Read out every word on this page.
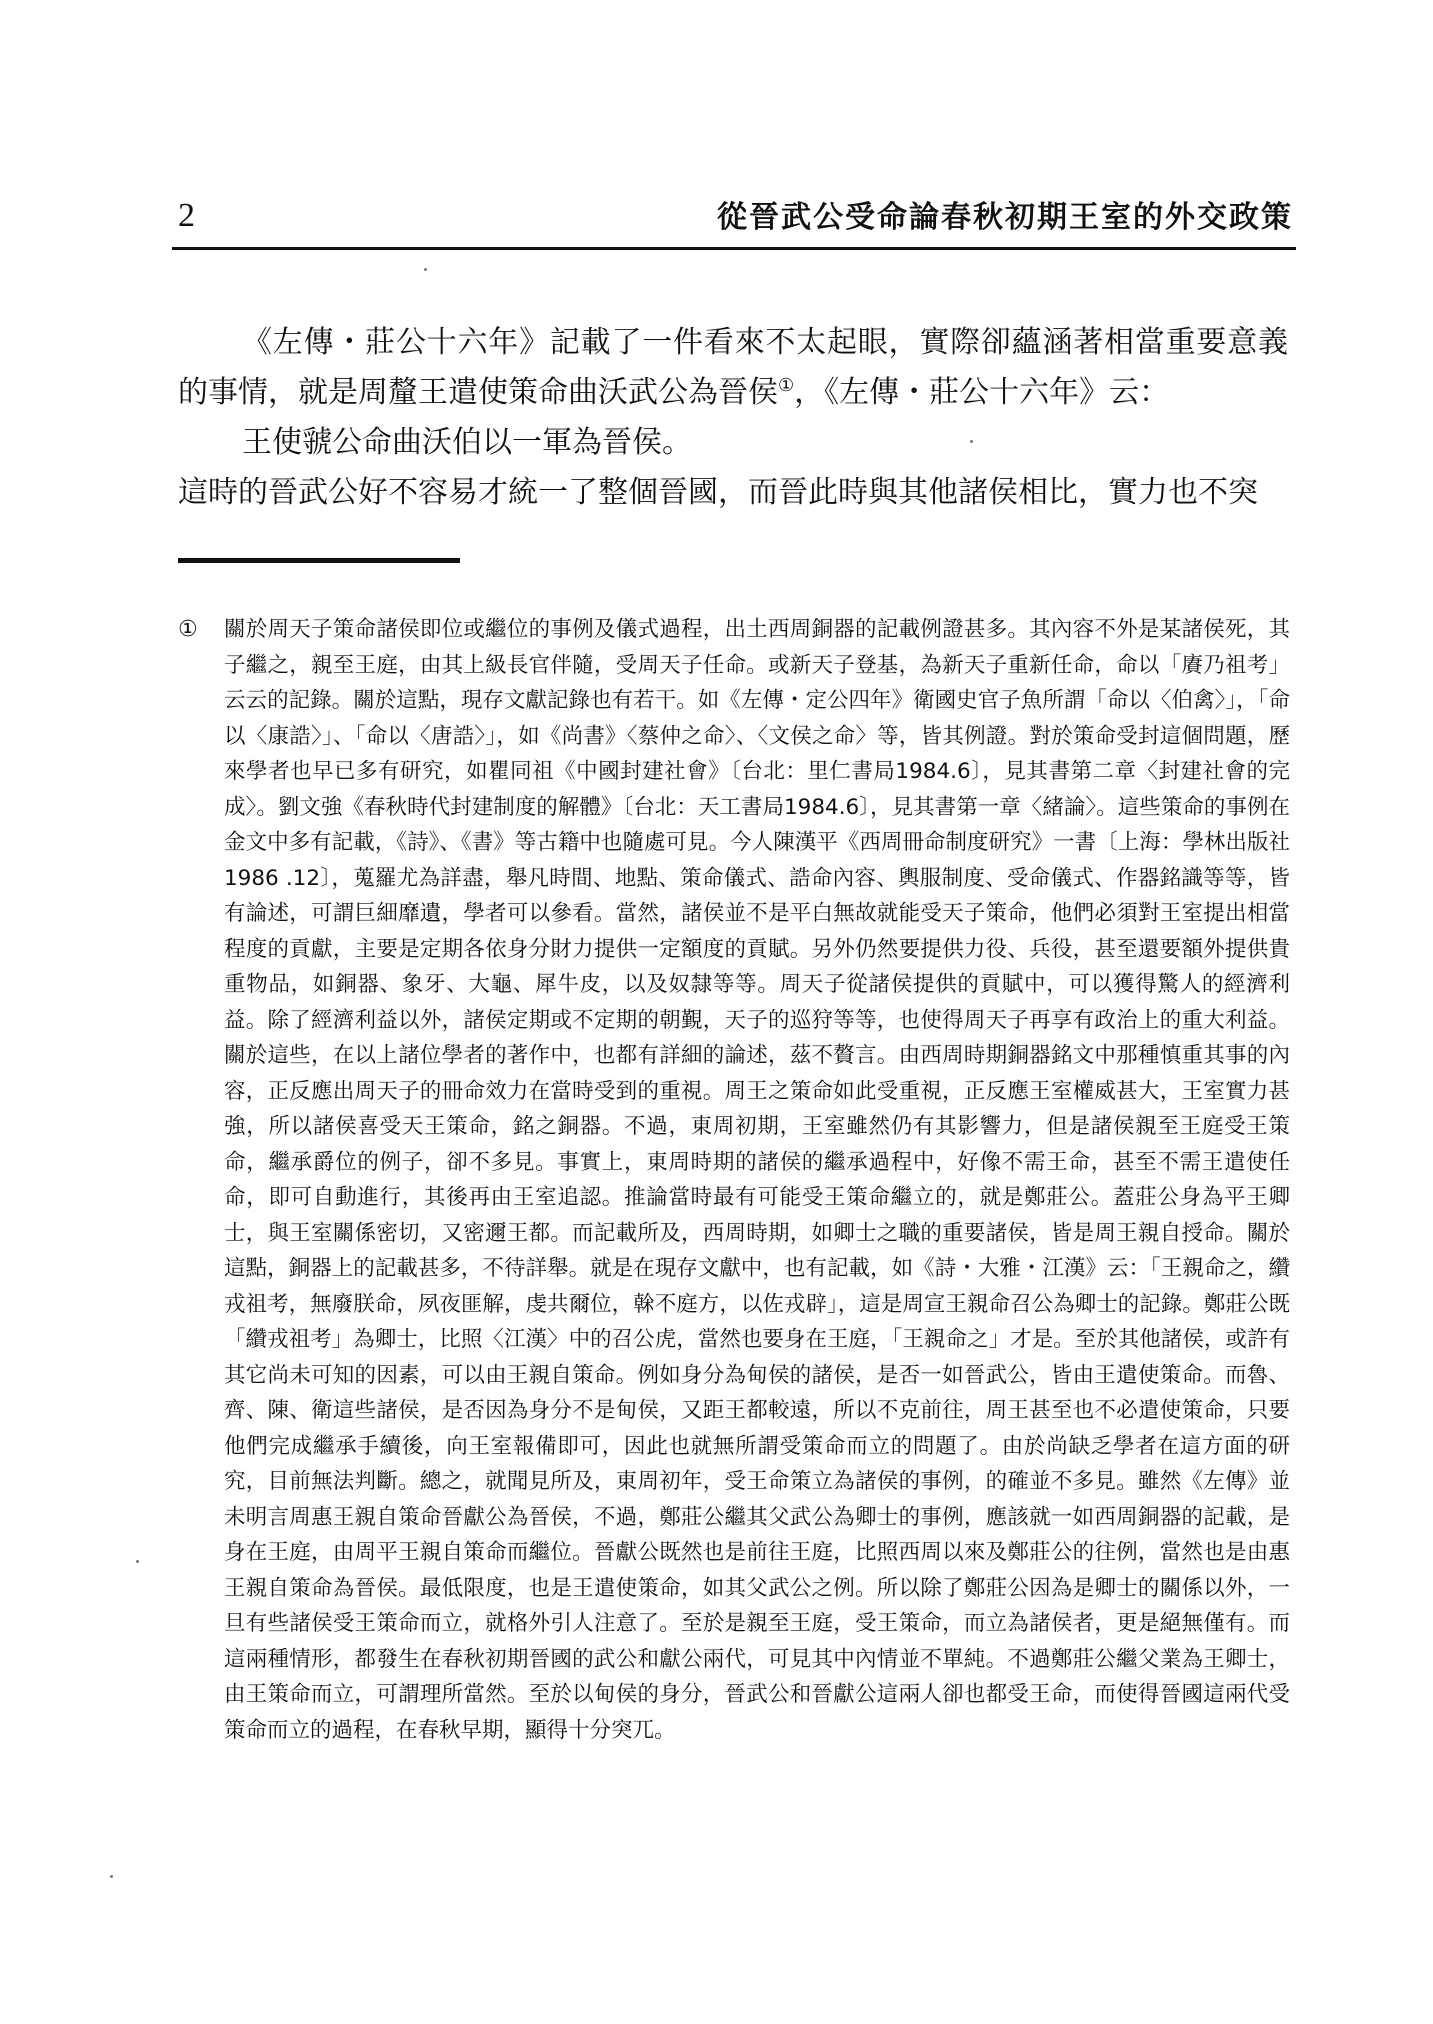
2	從晉武公受命論春秋初期王室的外交政策

《左傳・莊公十六年》記載了一件看來不太起眼，實際卻蘊涵著相當重要意義的事情，就是周釐王遣使策命曲沃武公為晉侯①，《左傳・莊公十六年》云：

王使虢公命曲沃伯以一軍為晉侯。

這時的晉武公好不容易才統一了整個晉國，而晉此時與其他諸侯相比，實力也不突

① 關於周天子策命諸侯即位或繼位的事例及儀式過程，出土西周銅器的記載例證甚多。其內容不外是某諸侯死，其子繼之，親至王庭，由其上級長官伴隨，受周天子任命。或新天子登基，為新天子重新任命，命以「賡乃祖考」云云的記錄。關於這點，現存文獻記錄也有若干。如《左傳・定公四年》衛國史官子魚所謂「命以〈伯禽〉」，「命以〈康誥〉」、「命以〈唐誥〉」，如《尚書》〈蔡仲之命〉、〈文侯之命〉等，皆其例證。對於策命受封這個問題，歷來學者也早已多有研究，如瞿同祖《中國封建社會》〔台北：里仁書局1984.6〕，見其書第二章〈封建社會的完成〉。劉文強《春秋時代封建制度的解體》〔台北：天工書局1984.6〕，見其書第一章〈緒論〉。這些策命的事例在金文中多有記載，《詩》、《書》等古籍中也隨處可見。今人陳漢平《西周冊命制度研究》一書〔上海：學林出版社1986 .12〕，蒐羅尤為詳盡，舉凡時間、地點、策命儀式、誥命內容、輿服制度、受命儀式、作器銘識等等，皆有論述，可謂巨細靡遺，學者可以參看。當然，諸侯並不是平白無故就能受天子策命，他們必須對王室提出相當程度的貢獻，主要是定期各依身分財力提供一定額度的貢賦。另外仍然要提供力役、兵役，甚至還要額外提供貴重物品，如銅器、象牙、大龜、犀牛皮，以及奴隸等等。周天子從諸侯提供的貢賦中，可以獲得驚人的經濟利益。除了經濟利益以外，諸侯定期或不定期的朝覲，天子的巡狩等等，也使得周天子再享有政治上的重大利益。關於這些，在以上諸位學者的著作中，也都有詳細的論述，茲不贅言。由西周時期銅器銘文中那種慎重其事的內容，正反應出周天子的冊命效力在當時受到的重視。周王之策命如此受重視，正反應王室權威甚大，王室實力甚強，所以諸侯喜受天王策命，銘之銅器。不過，東周初期，王室雖然仍有其影響力，但是諸侯親至王庭受王策命，繼承爵位的例子，卻不多見。事實上，東周時期的諸侯的繼承過程中，好像不需王命，甚至不需王遣使任命，即可自動進行，其後再由王室追認。推論當時最有可能受王策命繼立的，就是鄭莊公。蓋莊公身為平王卿士，與王室關係密切，又密邇王都。而記載所及，西周時期，如卿士之職的重要諸侯，皆是周王親自授命。關於這點，銅器上的記載甚多，不待詳舉。就是在現存文獻中，也有記載，如《詩・大雅・江漢》云：「王親命之，纘戎祖考，無廢朕命，夙夜匪解，虔共爾位，榦不庭方，以佐戎辟」，這是周宣王親命召公為卿士的記錄。鄭莊公既「纘戎祖考」為卿士，比照〈江漢〉中的召公虎，當然也要身在王庭，「王親命之」才是。至於其他諸侯，或許有其它尚未可知的因素，可以由王親自策命。例如身分為甸侯的諸侯，是否一如晉武公，皆由王遣使策命。而魯、齊、陳、衛這些諸侯，是否因為身分不是甸侯，又距王都較遠，所以不克前往，周王甚至也不必遣使策命，只要他們完成繼承手續後，向王室報備即可，因此也就無所謂受策命而立的問題了。由於尚缺乏學者在這方面的研究，目前無法判斷。總之，就聞見所及，東周初年，受王命策立為諸侯的事例，的確並不多見。雖然《左傳》並未明言周惠王親自策命晉獻公為晉侯，不過，鄭莊公繼其父武公為卿士的事例，應該就一如西周銅器的記載，是身在王庭，由周平王親自策命而繼位。晉獻公既然也是前往王庭，比照西周以來及鄭莊公的往例，當然也是由惠王親自策命為晉侯。最低限度，也是王遣使策命，如其父武公之例。所以除了鄭莊公因為是卿士的關係以外，一旦有些諸侯受王策命而立，就格外引人注意了。至於是親至王庭，受王策命，而立為諸侯者，更是絕無僅有。而這兩種情形，都發生在春秋初期晉國的武公和獻公兩代，可見其中內情並不單純。不過鄭莊公繼父業為王卿士，由王策命而立，可謂理所當然。至於以甸侯的身分，晉武公和晉獻公這兩人卻也都受王命，而使得晉國這兩代受策命而立的過程，在春秋早期，顯得十分突兀。
